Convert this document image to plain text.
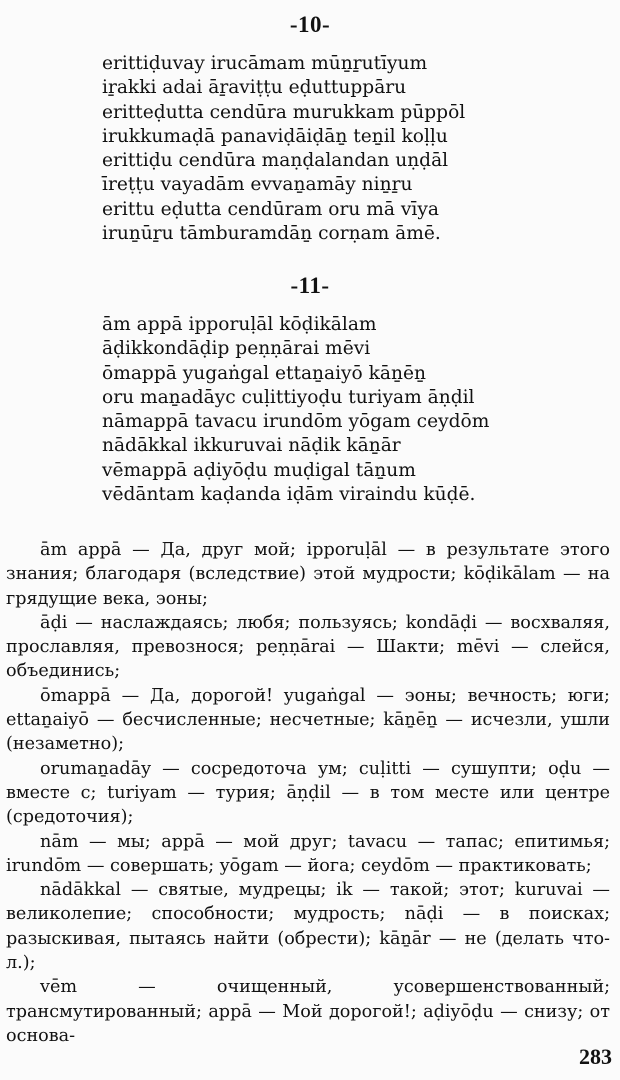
-10-
erittiḍuvay irucāmam mūṉṟutīyum
iṟakki adai āṟaviṭṭu eḍuttuppāru
eritteḍutta cendūra murukkam pūppōl
irukkumaḍā panaviḍāiḍāṉ teṉil koḷḷu
erittiḍu cendūra maṇḍalandan uṇḍāl
īreṭṭu vayadām evvaṉamāy niṉṟu
erittu eḍutta cendūram oru mā vīya
iruṉūṟu tāmburamdāṉ corṇam āmē.
-11-
ām appā ipporuḷāl kōḍikālam
āḍikkondāḍip peṇṇārai mēvi
ōmappā yugaṅgal ettaṉaiyō kāṉēṉ
oru maṉadāyc cuḷittiyoḍu turiyam āṇḍil
nāmappā tavacu irundōm yōgam ceydōm
nādākkal ikkuruvai nāḍik kāṉār
vēmappā aḍiyōḍu muḍigal tāṉum
vēdāntam kaḍanda iḍām viraindu kūḍē.

ām appā — Да, друг мой; ipporuḷāl — в результате этого знания; благодаря (вследствие) этой мудрости; kōḍikālam — на грядущие века, эоны;

āḍi — наслаждаясь; любя; пользуясь; kondāḍi — восхваляя, прославляя, превознося; peṇṇārai — Шакти; mēvi — слейся, объединись;

ōmappā — Да, дорогой! yugaṅgal — эоны; вечность; юги; ettaṉaiyō — бесчисленные; несчетные; kāṉēṉ — исчезли, ушли (незаметно);

orumaṉadāy — сосредоточа ум; cuḷitti — сушупти; oḍu — вместе с; turiyam — турия; āṇḍil — в том месте или центре (средоточия);

nām — мы; appā — мой друг; tavacu — тапас; епитимья; irundōm — совершать; yōgam — йога; ceydōm — практиковать;

nādākkal — святые, мудрецы; ik — такой; этот; kuruvai — великолепие; способности; мудрость; nāḍi — в поисках; разыскивая, пытаясь найти (обрести); kāṉār — не (делать что-л.);

vēm — очищенный, усовершенствованный; трансмутированный; appā — Мой дорогой!; aḍiyōḍu — снизу; от основа-

283
